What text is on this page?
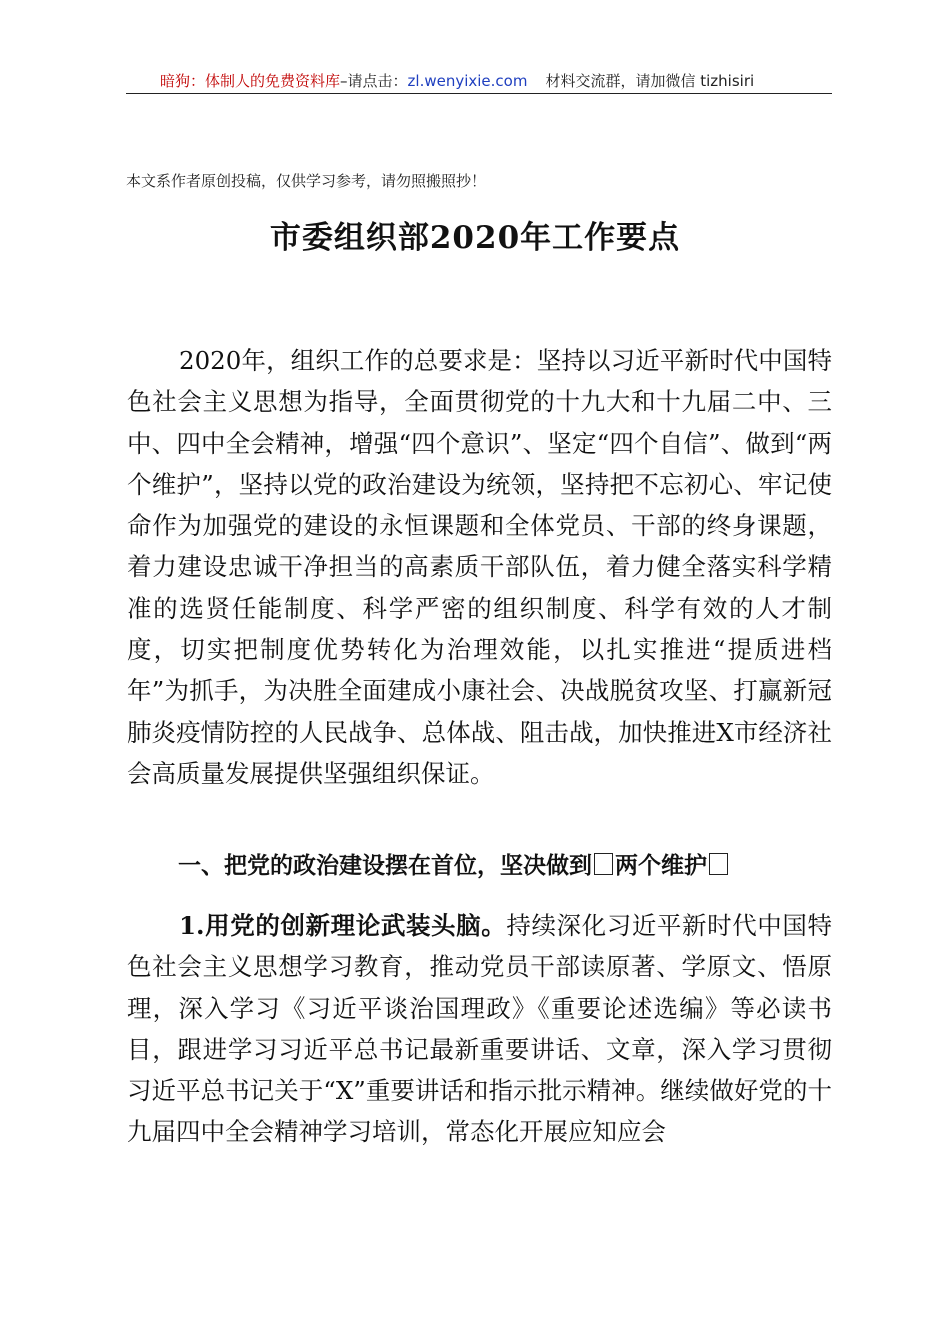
暗狗：体制人的免费资料库–请点击：zl.wenyixie.com 材料交流群，请加微信 tizhisiri
本文系作者原创投稿，仅供学习参考，请勿照搬照抄！
市委组织部2020年工作要点

2020年，组织工作的总要求是：坚持以习近平新时代中国特色社会主义思想为指导，全面贯彻党的十九大和十九届二中、三中、四中全会精神，增强“四个意识”、坚定“四个自信”、做到“两个维护”，坚持以党的政治建设为统领，坚持把不忘初心、牢记使命作为加强党的建设的永恒课题和全体党员、干部的终身课题，着力建设忠诚干净担当的高素质干部队伍，着力健全落实科学精准的选贤任能制度、科学严密的组织制度、科学有效的人才制度，切实把制度优势转化为治理效能，以扎实推进“提质进档年”为抓手，为决胜全面建成小康社会、决战脱贫攻坚、打赢新冠肺炎疫情防控的人民战争、总体战、阻击战，加快推进X市经济社会高质量发展提供坚强组织保证。

一、把党的政治建设摆在首位，坚决做到 两个维护

1.用党的创新理论武装头脑。持续深化习近平新时代中国特色社会主义思想学习教育，推动党员干部读原著、学原文、悟原理，深入学习《习近平谈治国理政》《重要论述选编》等必读书目，跟进学习习近平总书记最新重要讲话、文章，深入学习贯彻习近平总书记关于“X”重要讲话和指示批示精神。继续做好党的十九届四中全会精神学习培训，常态化开展应知应会
